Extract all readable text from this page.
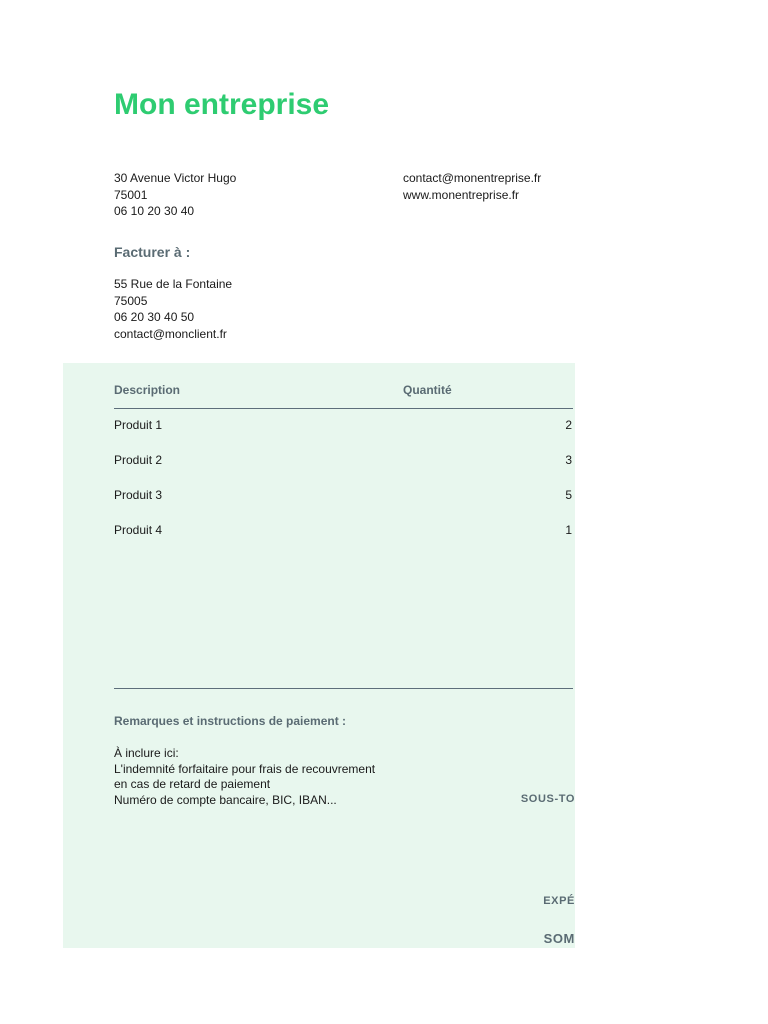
Mon entreprise
30 Avenue Victor Hugo
75001
06 10 20 30 40
contact@monentreprise.fr
www.monentreprise.fr
Facturer à :
55 Rue de la Fontaine
75005
06 20 30 40 50
contact@monclient.fr
Description	Quantité
Produit 1	2
Produit 2	3
Produit 3	5
Produit 4	1
Remarques et instructions de paiement :
À inclure ici:
L'indemnité forfaitaire pour frais de recouvrement
en cas de retard de paiement
Numéro de compte bancaire, BIC, IBAN...	SOUS-TO
EXPÉ
SOM
